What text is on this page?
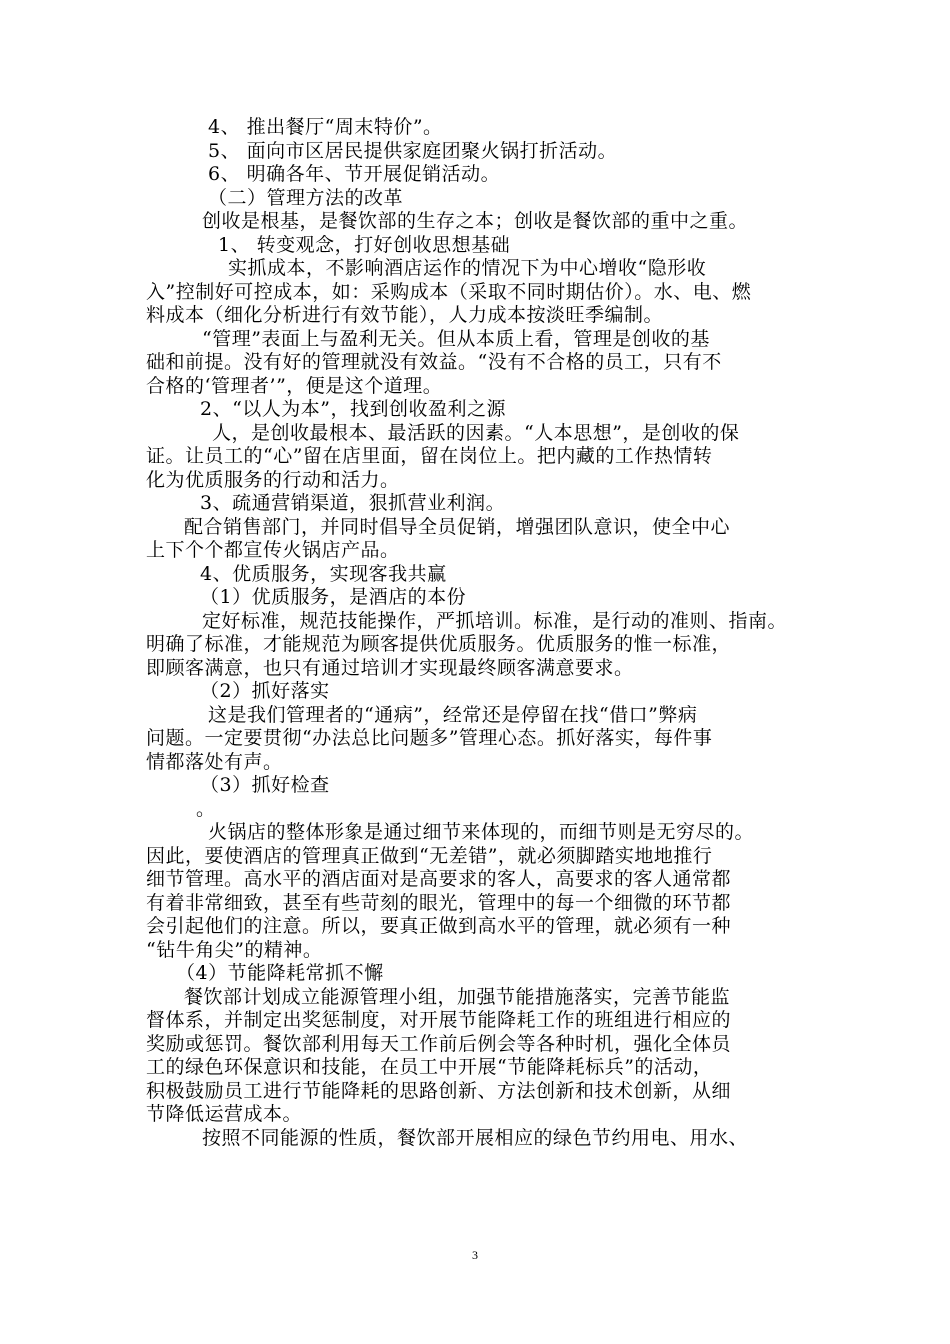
4、 推出餐厅“周末特价”。
5、 面向市区居民提供家庭团聚火锅打折活动。
6、 明确各年、节开展促销活动。
（二）管理方法的改革
创收是根基，是餐饮部的生存之本；创收是餐饮部的重中之重。
1、 转变观念，打好创收思想基础
实抓成本，不影响酒店运作的情况下为中心增收“隐形收
入”控制好可控成本，如：采购成本（采取不同时期估价）。水、电、燃
料成本（细化分析进行有效节能），人力成本按淡旺季编制。
“管理”表面上与盈利无关。但从本质上看，管理是创收的基
础和前提。没有好的管理就没有效益。“没有不合格的员工，只有不
合格的‘管理者’”，便是这个道理。
2、“以人为本”，找到创收盈利之源
人，是创收最根本、最活跃的因素。“人本思想”，是创收的保
证。让员工的“心”留在店里面，留在岗位上。把内藏的工作热情转
化为优质服务的行动和活力。
3、疏通营销渠道，狠抓营业利润。
配合销售部门，并同时倡导全员促销，增强团队意识，使全中心
上下个个都宣传火锅店产品。
4、优质服务，实现客我共赢
（1）优质服务，是酒店的本份
定好标准，规范技能操作，严抓培训。标准，是行动的准则、指南。
明确了标准，才能规范为顾客提供优质服务。优质服务的惟一标准，
即顾客满意，也只有通过培训才实现最终顾客满意要求。
（2）抓好落实
这是我们管理者的“通病”，经常还是停留在找“借口”弊病
问题。一定要贯彻“办法总比问题多”管理心态。抓好落实，每件事
情都落处有声。
（3）抓好检查
。
火锅店的整体形象是通过细节来体现的，而细节则是无穷尽的。
因此，要使酒店的管理真正做到“无差错”，就必须脚踏实地地推行
细节管理。高水平的酒店面对是高要求的客人，高要求的客人通常都
有着非常细致，甚至有些苛刻的眼光，管理中的每一个细微的环节都
会引起他们的注意。所以，要真正做到高水平的管理，就必须有一种
“钻牛角尖”的精神。
（4）节能降耗常抓不懈
餐饮部计划成立能源管理小组，加强节能措施落实，完善节能监
督体系，并制定出奖惩制度，对开展节能降耗工作的班组进行相应的
奖励或惩罚。餐饮部利用每天工作前后例会等各种时机，强化全体员
工的绿色环保意识和技能，在员工中开展“节能降耗标兵”的活动，
积极鼓励员工进行节能降耗的思路创新、方法创新和技术创新，从细
节降低运营成本。
按照不同能源的性质，餐饮部开展相应的绿色节约用电、用水、
3
